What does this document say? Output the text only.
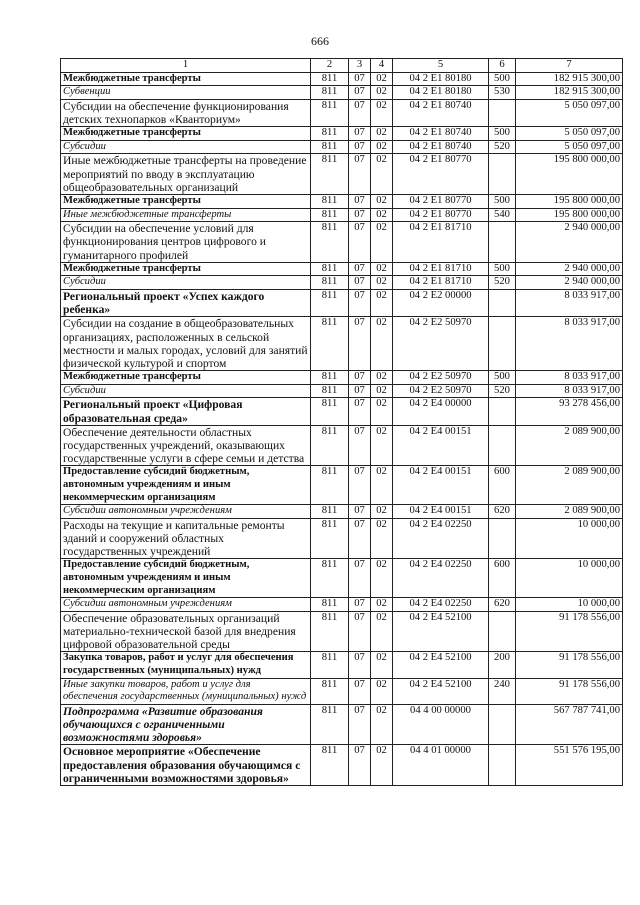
666
1	2	3	4	5	6	7
Межбюджетные трансферты	811	07	02	04 2 E1 80180	500	182 915 300,00
Субвенции	811	07	02	04 2 E1 80180	530	182 915 300,00
Субсидии на обеспечение функционирования детских технопарков «Кванториум»	811	07	02	04 2 E1 80740		5 050 097,00
Межбюджетные трансферты	811	07	02	04 2 E1 80740	500	5 050 097,00
Субсидии	811	07	02	04 2 E1 80740	520	5 050 097,00
Иные межбюджетные трансферты на проведение мероприятий по вводу в эксплуатацию общеобразовательных организаций	811	07	02	04 2 E1 80770		195 800 000,00
Межбюджетные трансферты	811	07	02	04 2 E1 80770	500	195 800 000,00
Иные межбюджетные трансферты	811	07	02	04 2 E1 80770	540	195 800 000,00
Субсидии на обеспечение условий для функционирования центров цифрового и гуманитарного профилей	811	07	02	04 2 E1 81710		2 940 000,00
Межбюджетные трансферты	811	07	02	04 2 E1 81710	500	2 940 000,00
Субсидии	811	07	02	04 2 E1 81710	520	2 940 000,00
Региональный проект «Успех каждого ребенка»	811	07	02	04 2 E2 00000		8 033 917,00
Субсидии на создание в общеобразовательных организациях, расположенных в сельской местности и малых городах, условий для занятий физической культурой и спортом	811	07	02	04 2 E2 50970		8 033 917,00
Межбюджетные трансферты	811	07	02	04 2 E2 50970	500	8 033 917,00
Субсидии	811	07	02	04 2 E2 50970	520	8 033 917,00
Региональный проект «Цифровая образовательная среда»	811	07	02	04 2 E4 00000		93 278 456,00
Обеспечение деятельности областных государственных учреждений, оказывающих государственные услуги в сфере семьи и детства	811	07	02	04 2 E4 00151		2 089 900,00
Предоставление субсидий бюджетным, автономным учреждениям и иным некоммерческим организациям	811	07	02	04 2 E4 00151	600	2 089 900,00
Субсидии автономным учреждениям	811	07	02	04 2 E4 00151	620	2 089 900,00
Расходы на текущие и капитальные ремонты зданий и сооружений областных государственных учреждений	811	07	02	04 2 E4 02250		10 000,00
Предоставление субсидий бюджетным, автономным учреждениям и иным некоммерческим организациям	811	07	02	04 2 E4 02250	600	10 000,00
Субсидии автономным учреждениям	811	07	02	04 2 E4 02250	620	10 000,00
Обеспечение образовательных организаций материально-технической базой для внедрения цифровой образовательной среды	811	07	02	04 2 E4 52100		91 178 556,00
Закупка товаров, работ и услуг для обеспечения государственных (муниципальных) нужд	811	07	02	04 2 E4 52100	200	91 178 556,00
Иные закупки товаров, работ и услуг для обеспечения государственных (муниципальных) нужд	811	07	02	04 2 E4 52100	240	91 178 556,00
Подпрограмма «Развитие образования обучающихся с ограниченными возможностями здоровья»	811	07	02	04 4 00 00000		567 787 741,00
Основное мероприятие «Обеспечение предоставления образования обучающимся с ограниченными возможностями здоровья»	811	07	02	04 4 01 00000		551 576 195,00
